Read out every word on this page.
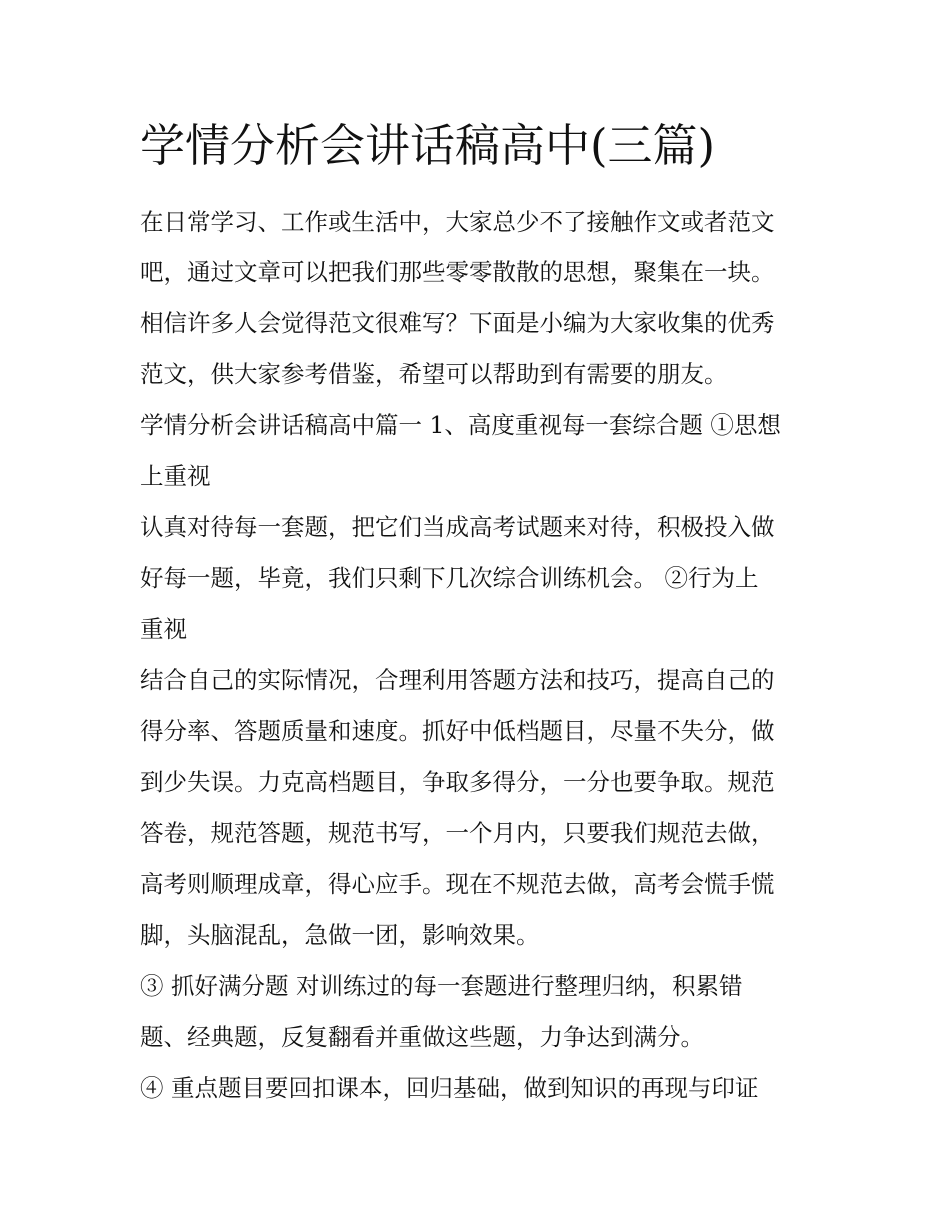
学情分析会讲话稿高中(三篇)

在日常学习、工作或生活中，大家总少不了接触作文或者范文

吧，通过文章可以把我们那些零零散散的思想，聚集在一块。

相信许多人会觉得范文很难写？下面是小编为大家收集的优秀

范文，供大家参考借鉴，希望可以帮助到有需要的朋友。

学情分析会讲话稿高中篇一 1、高度重视每一套综合题 ①思想

上重视

认真对待每一套题，把它们当成高考试题来对待，积极投入做

好每一题，毕竟，我们只剩下几次综合训练机会。 ②行为上

重视

结合自己的实际情况，合理利用答题方法和技巧，提高自己的

得分率、答题质量和速度。抓好中低档题目，尽量不失分，做

到少失误。力克高档题目，争取多得分，一分也要争取。规范

答卷，规范答题，规范书写，一个月内，只要我们规范去做，

高考则顺理成章，得心应手。现在不规范去做，高考会慌手慌

脚，头脑混乱，急做一团，影响效果。

③ 抓好满分题 对训练过的每一套题进行整理归纳，积累错

题、经典题，反复翻看并重做这些题，力争达到满分。

④ 重点题目要回扣课本，回归基础，做到知识的再现与印证
